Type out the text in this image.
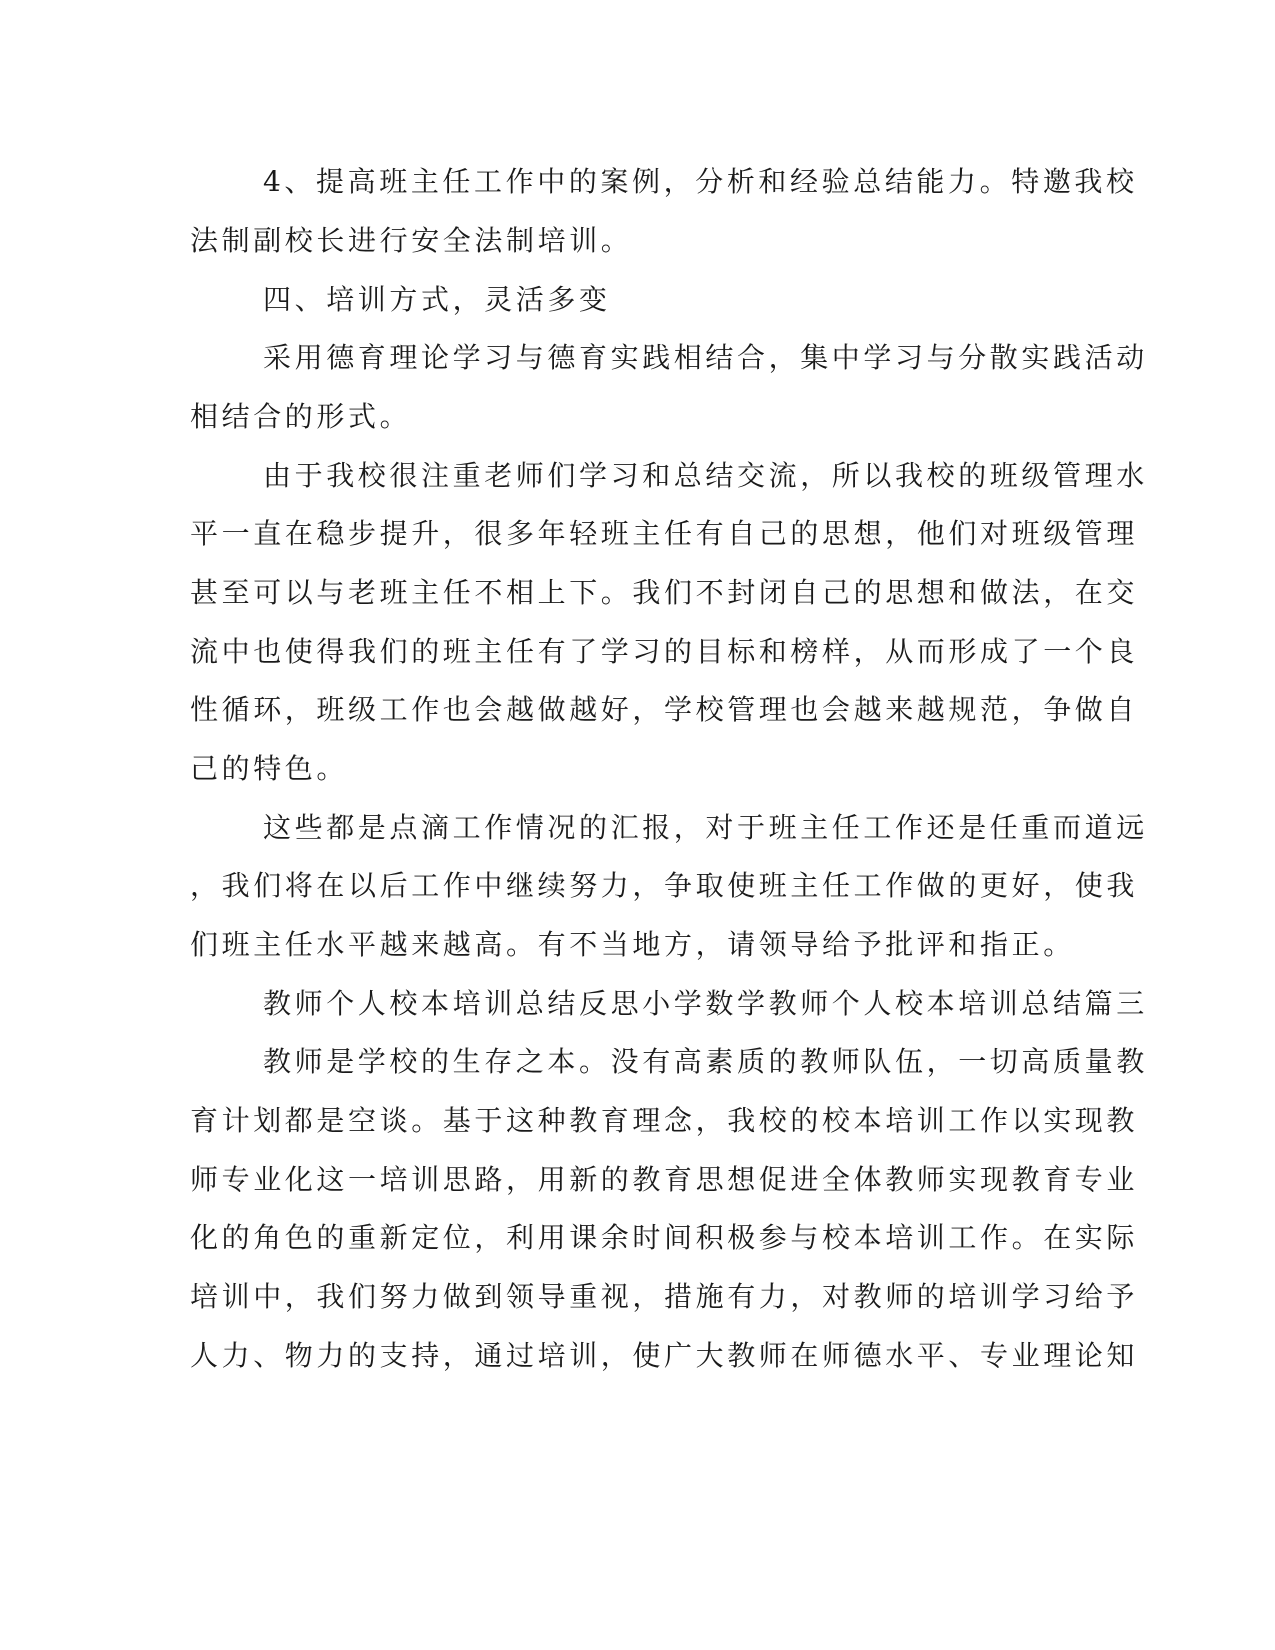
4、提高班主任工作中的案例，分析和经验总结能力。特邀我校
法制副校长进行安全法制培训。
四、培训方式，灵活多变
采用德育理论学习与德育实践相结合，集中学习与分散实践活动
相结合的形式。
由于我校很注重老师们学习和总结交流，所以我校的班级管理水
平一直在稳步提升，很多年轻班主任有自己的思想，他们对班级管理
甚至可以与老班主任不相上下。我们不封闭自己的思想和做法，在交
流中也使得我们的班主任有了学习的目标和榜样，从而形成了一个良
性循环，班级工作也会越做越好，学校管理也会越来越规范，争做自
己的特色。
这些都是点滴工作情况的汇报，对于班主任工作还是任重而道远
，我们将在以后工作中继续努力，争取使班主任工作做的更好，使我
们班主任水平越来越高。有不当地方，请领导给予批评和指正。
教师个人校本培训总结反思小学数学教师个人校本培训总结篇三
教师是学校的生存之本。没有高素质的教师队伍，一切高质量教
育计划都是空谈。基于这种教育理念，我校的校本培训工作以实现教
师专业化这一培训思路，用新的教育思想促进全体教师实现教育专业
化的角色的重新定位，利用课余时间积极参与校本培训工作。在实际
培训中，我们努力做到领导重视，措施有力，对教师的培训学习给予
人力、物力的支持，通过培训，使广大教师在师德水平、专业理论知
